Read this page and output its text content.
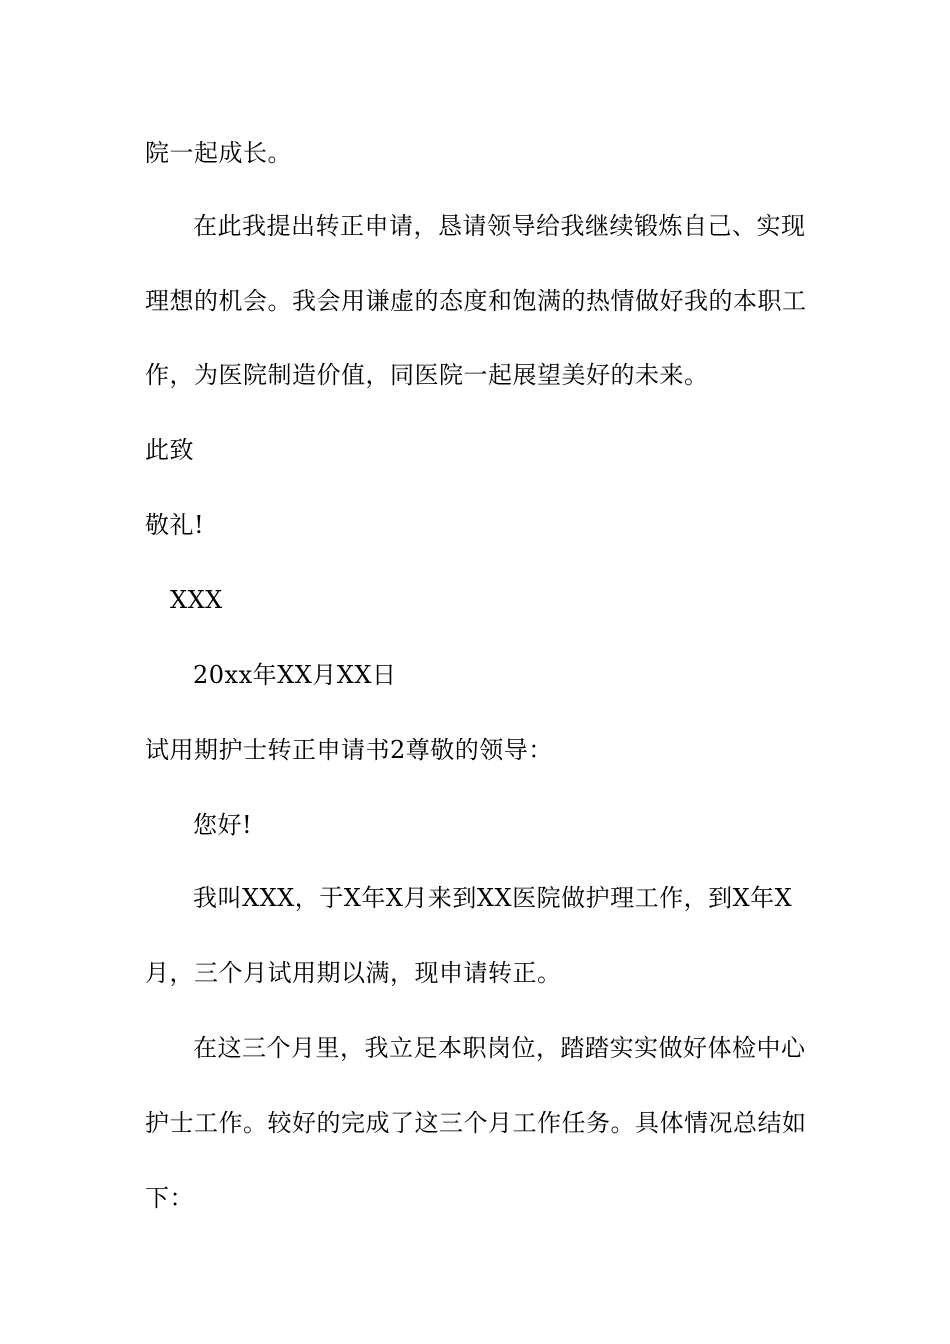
院一起成长。
在此我提出转正申请，恳请领导给我继续锻炼自己、实现
理想的机会。我会用谦虚的态度和饱满的热情做好我的本职工
作，为医院制造价值，同医院一起展望美好的未来。
此致
敬礼!
XXX
20xx年XX月XX日
试用期护士转正申请书2尊敬的领导：
您好!
我叫XXX，于X年X月来到XX医院做护理工作，到X年X
月，三个月试用期以满，现申请转正。
在这三个月里，我立足本职岗位，踏踏实实做好体检中心
护士工作。较好的完成了这三个月工作任务。具体情况总结如
下：
